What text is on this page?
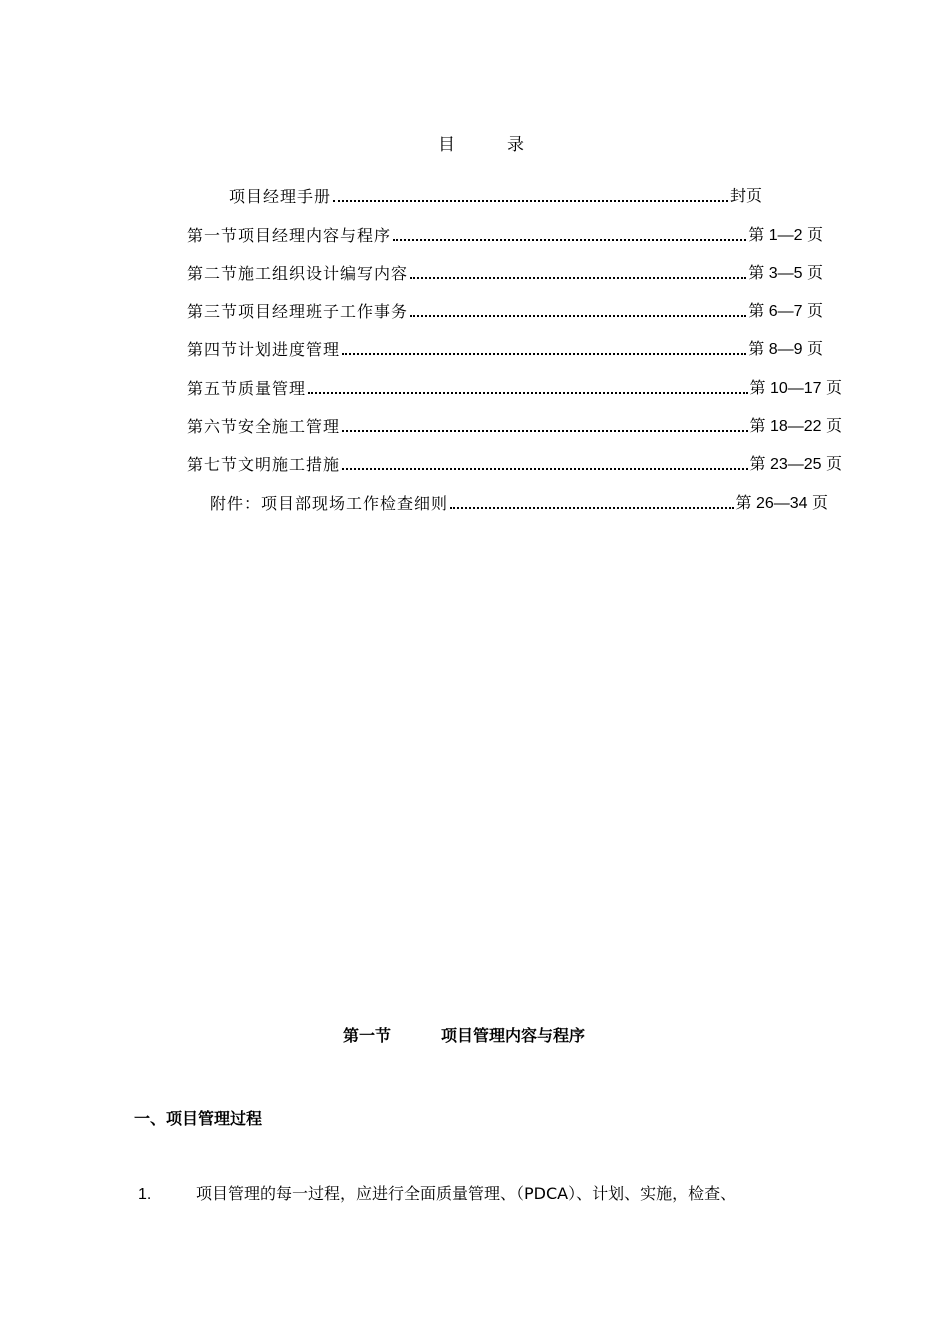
目	录
项目经理手册	封页
第一节项目经理内容与程序	第 1—2 页
第二节施工组织设计编写内容	第 3—5 页
第三节项目经理班子工作事务	第 6—7 页
第四节计划进度管理	第 8—9 页
第五节质量管理	第 10—17 页
第六节安全施工管理	第 18—22 页
第七节文明施工措施	第 23—25 页
附件：项目部现场工作检查细则	第 26—34 页
第一节	项目管理内容与程序
一、项目管理过程
1.	项目管理的每一过程，应进行全面质量管理、（PDCA）、计划、实施，检查、
